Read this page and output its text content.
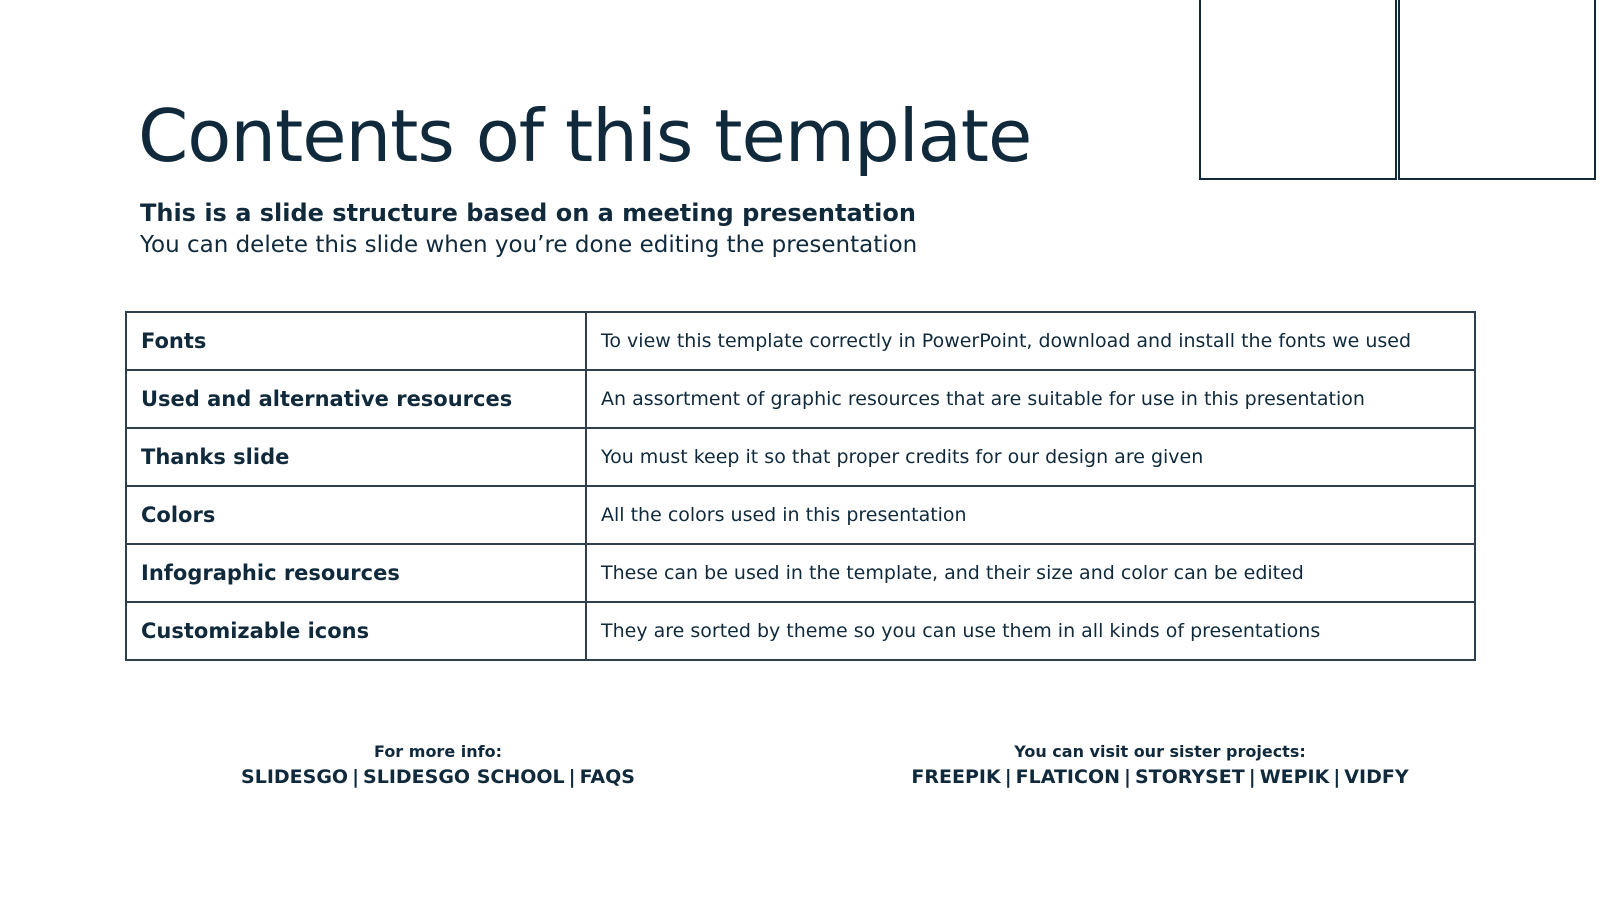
Contents of this template
This is a slide structure based on a meeting presentation
You can delete this slide when you’re done editing the presentation
Fonts	To view this template correctly in PowerPoint, download and install the fonts we used
Used and alternative resources	An assortment of graphic resources that are suitable for use in this presentation
Thanks slide	You must keep it so that proper credits for our design are given
Colors	All the colors used in this presentation
Infographic resources	These can be used in the template, and their size and color can be edited
Customizable icons	They are sorted by theme so you can use them in all kinds of presentations
For more info:
SLIDESGO | SLIDESGO SCHOOL | FAQS
You can visit our sister projects:
FREEPIK | FLATICON | STORYSET | WEPIK | VIDFY
